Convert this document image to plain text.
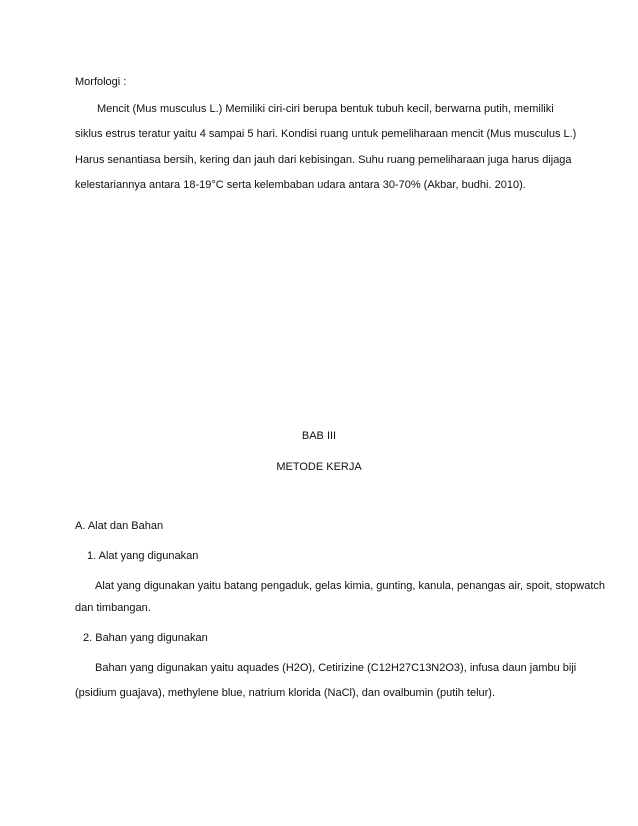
Morfologi :
Mencit (Mus musculus L.) Memiliki ciri-ciri berupa bentuk tubuh kecil, berwarna putih, memiliki
siklus estrus teratur yaitu 4 sampai 5 hari. Kondisi ruang untuk pemeliharaan mencit (Mus musculus L.)
Harus senantiasa bersih, kering dan jauh dari kebisingan. Suhu ruang pemeliharaan juga harus dijaga
kelestariannya antara 18-19°C serta kelembaban udara antara 30-70% (Akbar, budhi. 2010).
BAB III
METODE KERJA
A. Alat dan Bahan
1. Alat yang digunakan
Alat yang digunakan yaitu batang pengaduk, gelas kimia, gunting, kanula, penangas air, spoit, stopwatch
dan timbangan.
2. Bahan yang digunakan
Bahan yang digunakan yaitu aquades (H2O), Cetirizine (C12H27C13N2O3), infusa daun jambu biji
(psidium guajava), methylene blue, natrium klorida (NaCl), dan ovalbumin (putih telur).
